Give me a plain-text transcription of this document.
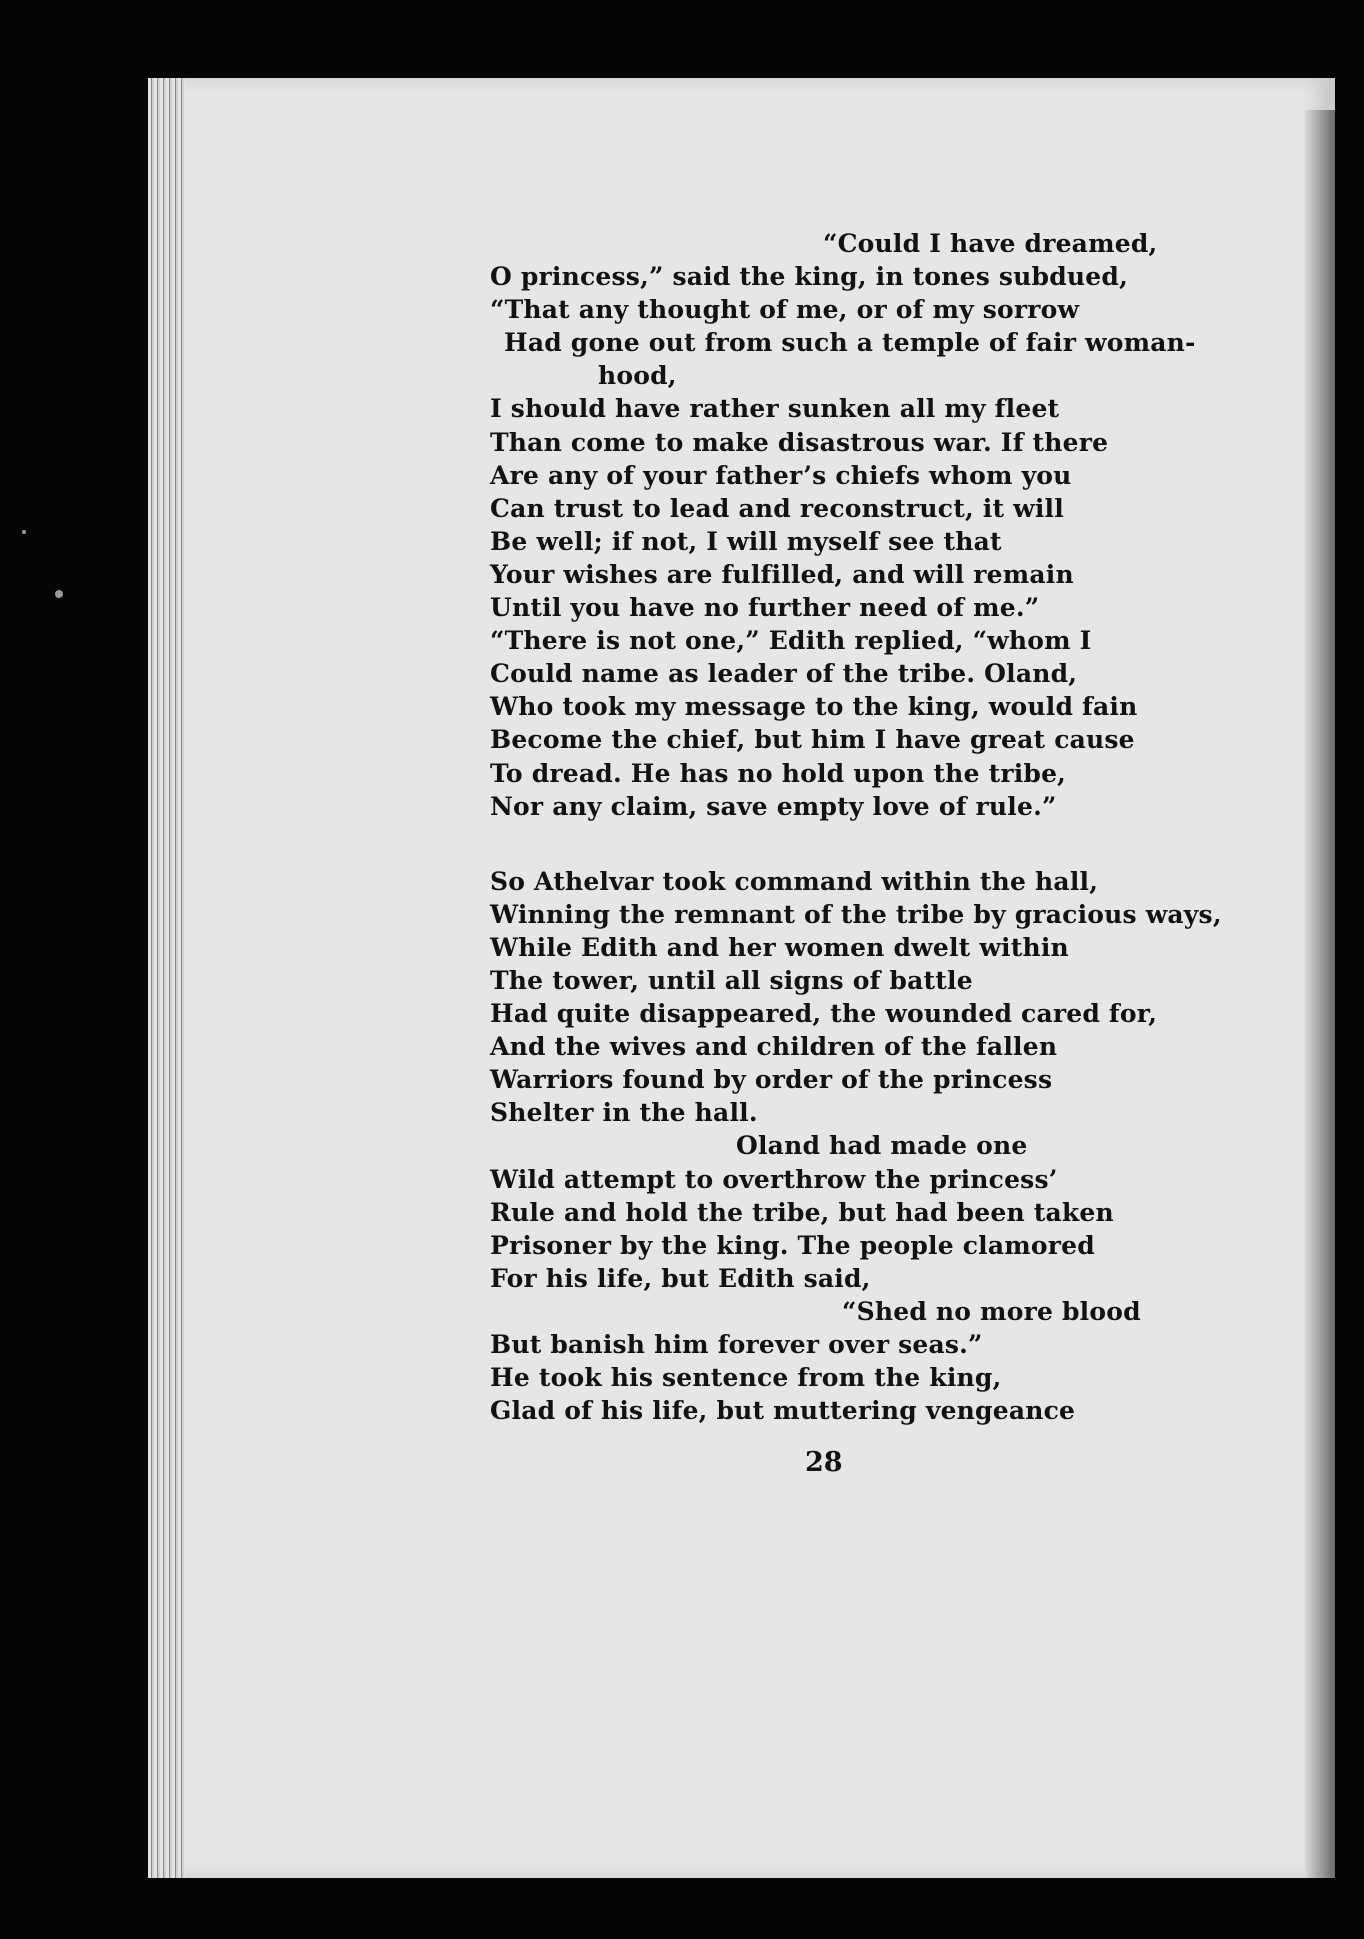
“Could I have dreamed,
O princess,” said the king, in tones subdued,
“That any thought of me, or of my sorrow
Had gone out from such a temple of fair woman-
hood,
I should have rather sunken all my fleet
Than come to make disastrous war. If there
Are any of your father’s chiefs whom you
Can trust to lead and reconstruct, it will
Be well; if not, I will myself see that
Your wishes are fulfilled, and will remain
Until you have no further need of me.”
“There is not one,” Edith replied, “whom I
Could name as leader of the tribe. Oland,
Who took my message to the king, would fain
Become the chief, but him I have great cause
To dread. He has no hold upon the tribe,
Nor any claim, save empty love of rule.”
So Athelvar took command within the hall,
Winning the remnant of the tribe by gracious ways,
While Edith and her women dwelt within
The tower, until all signs of battle
Had quite disappeared, the wounded cared for,
And the wives and children of the fallen
Warriors found by order of the princess
Shelter in the hall.
Oland had made one
Wild attempt to overthrow the princess’
Rule and hold the tribe, but had been taken
Prisoner by the king. The people clamored
For his life, but Edith said,
“Shed no more blood
But banish him forever over seas.”
He took his sentence from the king,
Glad of his life, but muttering vengeance
28
